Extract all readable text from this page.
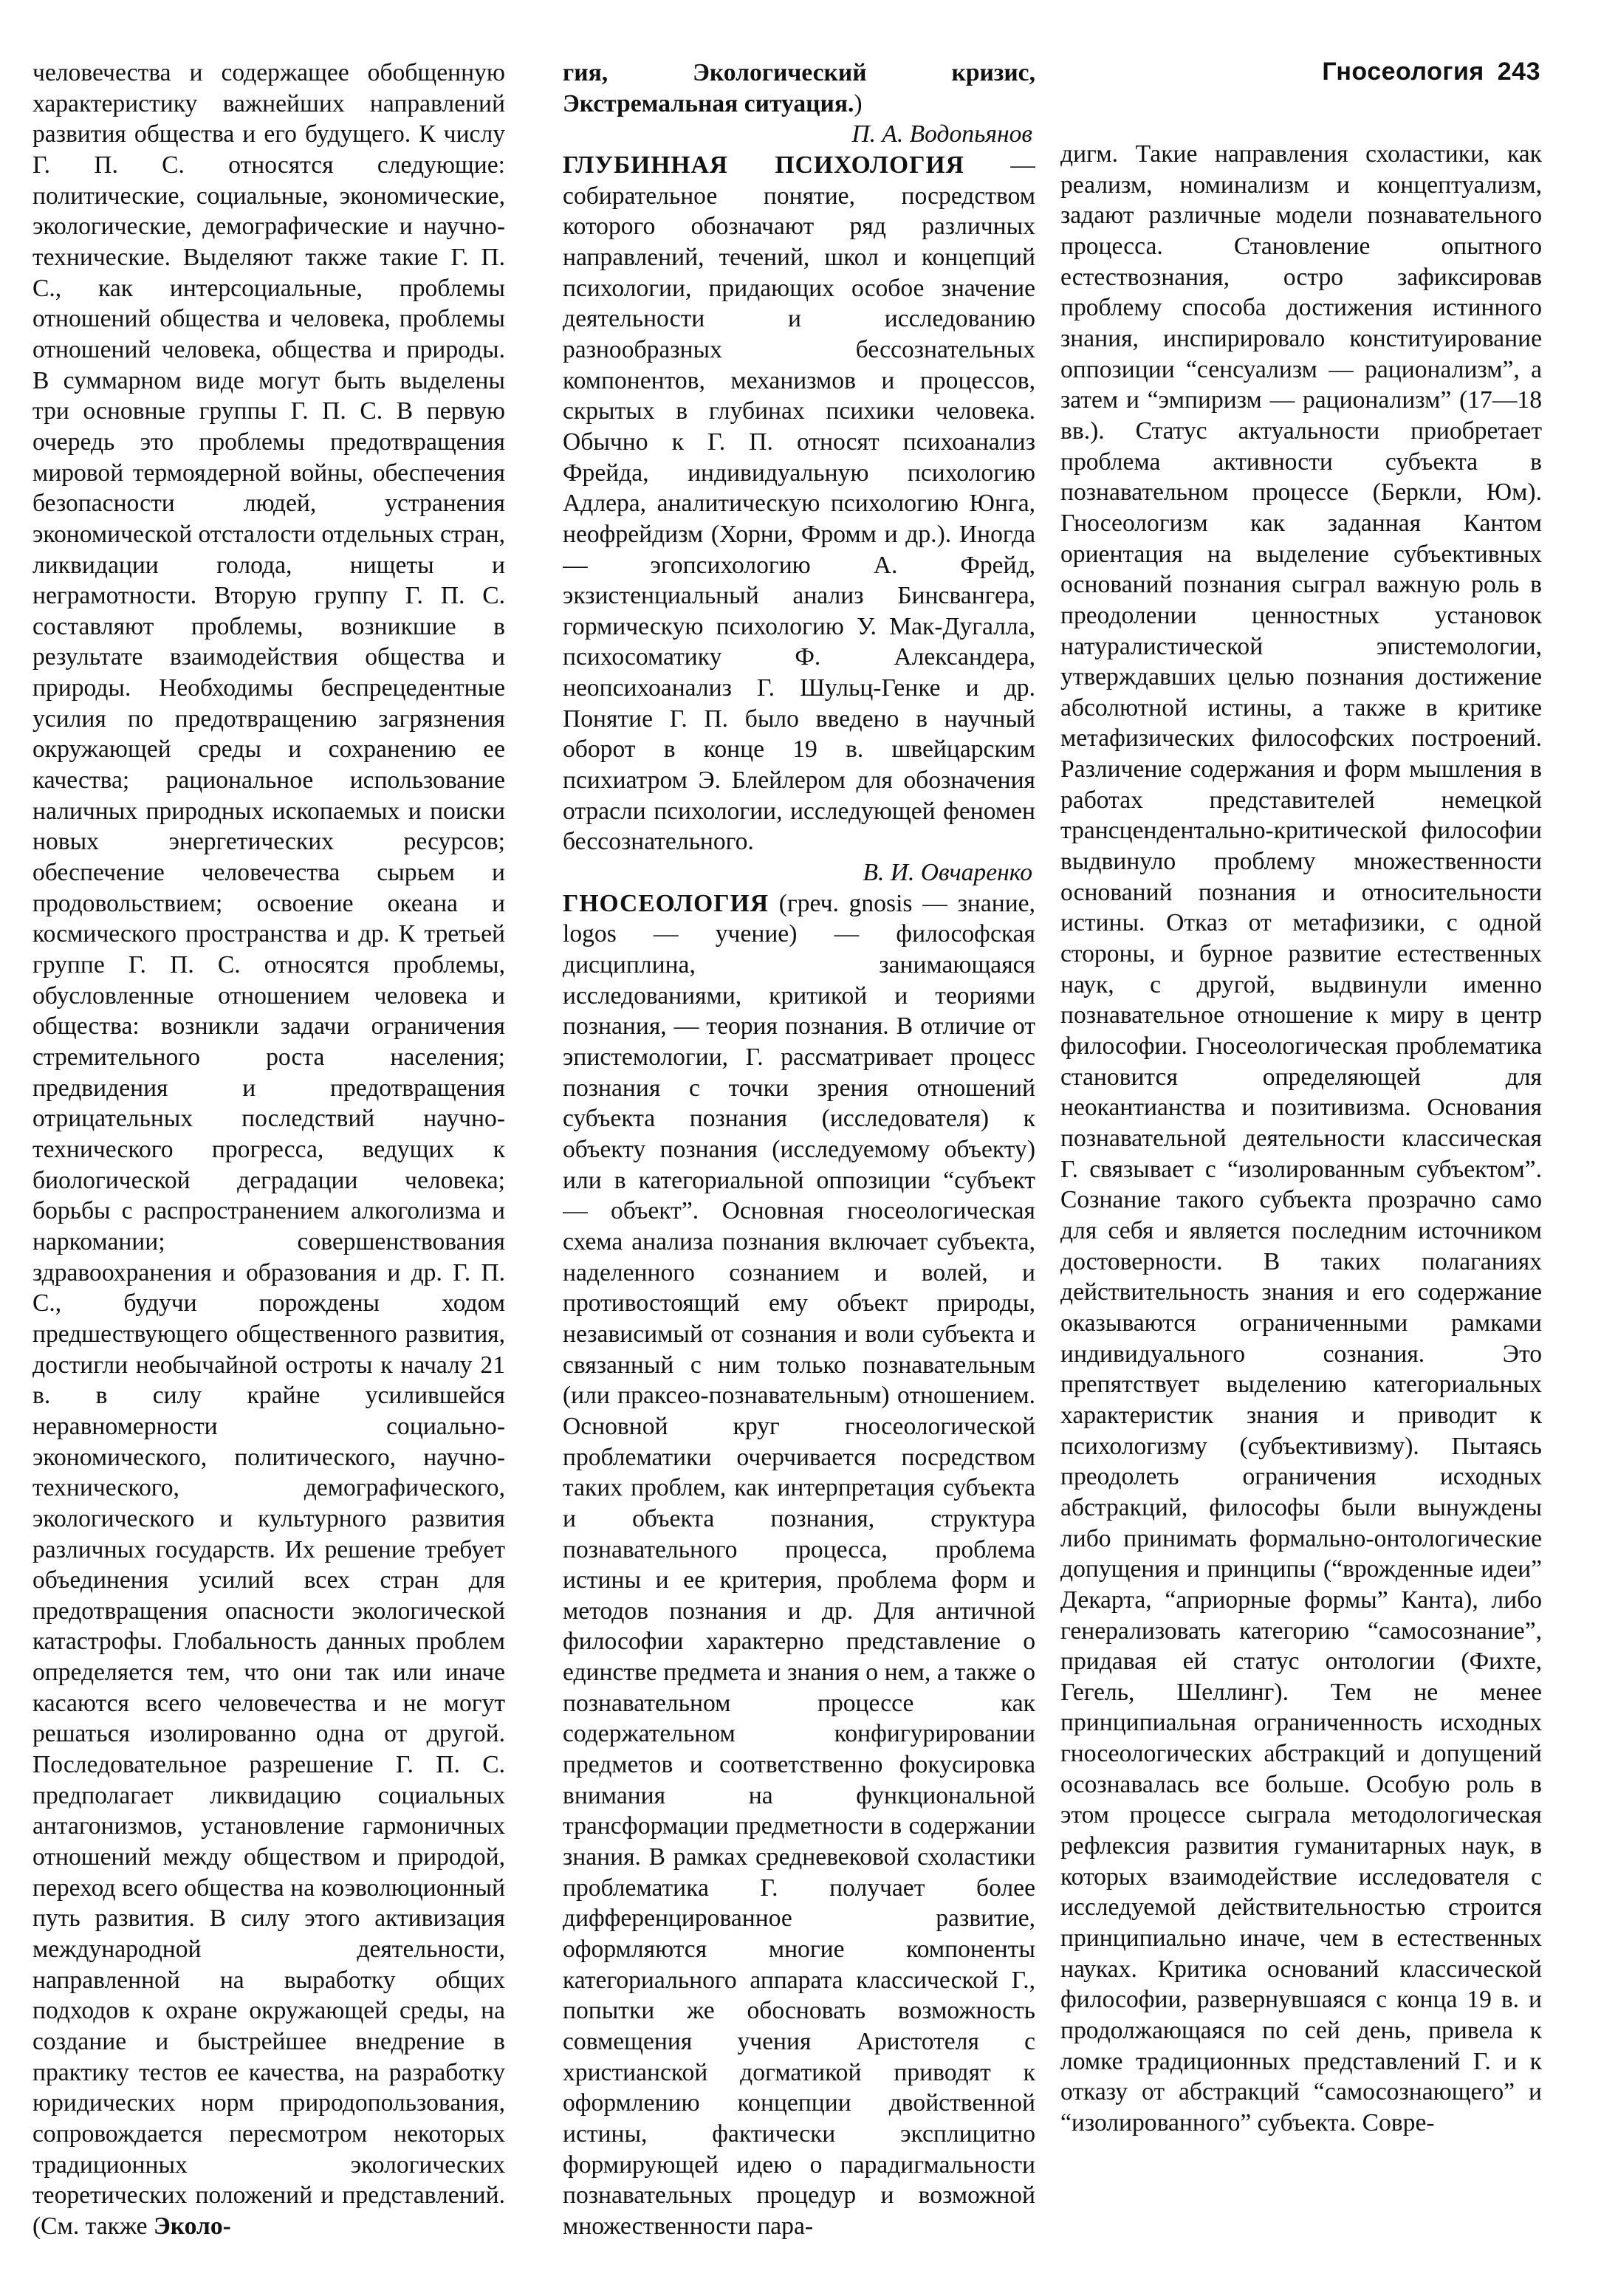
Гносеология 243

человечества и содержащее обобщенную характеристику важнейших направлений развития общества и его будущего. К числу Г. П. С. относятся следующие: политические, социальные, экономические, экологические, демографические и научно-технические. Выделяют также такие Г. П. С., как интерсоциальные, проблемы отношений общества и человека, проблемы отношений человека, общества и природы. В суммарном виде могут быть выделены три основные группы Г. П. С. В первую очередь это проблемы предотвращения мировой термоядерной войны, обеспечения безопасности людей, устранения экономической отсталости отдельных стран, ликвидации голода, нищеты и неграмотности. Вторую группу Г. П. С. составляют проблемы, возникшие в результате взаимодействия общества и природы. Необходимы беспрецедентные усилия по предотвращению загрязнения окружающей среды и сохранению ее качества; рациональное использование наличных природных ископаемых и поиски новых энергетических ресурсов; обеспечение человечества сырьем и продовольствием; освоение океана и космического пространства и др. К третьей группе Г. П. С. относятся проблемы, обусловленные отношением человека и общества: возникли задачи ограничения стремительного роста населения; предвидения и предотвращения отрицательных последствий научно-технического прогресса, ведущих к биологической деградации человека; борьбы с распространением алкоголизма и наркомании; совершенствования здравоохранения и образования и др. Г. П. С., будучи порождены ходом предшествующего общественного развития, достигли необычайной остроты к началу 21 в. в силу крайне усилившейся неравномерности социально-экономического, политического, научно-технического, демографического, экологического и культурного развития различных государств. Их решение требует объединения усилий всех стран для предотвращения опасности экологической катастрофы. Глобальность данных проблем определяется тем, что они так или иначе касаются всего человечества и не могут решаться изолированно одна от другой. Последовательное разрешение Г. П. С. предполагает ликвидацию социальных антагонизмов, установление гармоничных отношений между обществом и природой, переход всего общества на коэволюционный путь развития. В силу этого активизация международной деятельности, направленной на выработку общих подходов к охране окружающей среды, на создание и быстрейшее внедрение в практику тестов ее качества, на разработку юридических норм природопользования, сопровождается пересмотром некоторых традиционных экологических теоретических положений и представлений. (См. также Эколо-

гия, Экологический кризис, Экстремальная ситуация.)

П. А. Водопьянов

ГЛУБИННАЯ ПСИХОЛОГИЯ — собирательное понятие, посредством которого обозначают ряд различных направлений, течений, школ и концепций психологии, придающих особое значение деятельности и исследованию разнообразных бессознательных компонентов, механизмов и процессов, скрытых в глубинах психики человека. Обычно к Г. П. относят психоанализ Фрейда, индивидуальную психологию Адлера, аналитическую психологию Юнга, неофрейдизм (Хорни, Фромм и др.). Иногда — эгопсихологию А. Фрейд, экзистенциальный анализ Бинсвангера, гормическую психологию У. Мак-Дугалла, психосоматику Ф. Александера, неопсихоанализ Г. Шульц-Генке и др. Понятие Г. П. было введено в научный оборот в конце 19 в. швейцарским психиатром Э. Блейлером для обозначения отрасли психологии, исследующей феномен бессознательного.

В. И. Овчаренко

ГНОСЕОЛОГИЯ (греч. gnosis — знание, logos — учение) — философская дисциплина, занимающаяся исследованиями, критикой и теориями познания, — теория познания. В отличие от эпистемологии, Г. рассматривает процесс познания с точки зрения отношений субъекта познания (исследователя) к объекту познания (исследуемому объекту) или в категориальной оппозиции “субъект — объект”. Основная гносеологическая схема анализа познания включает субъекта, наделенного сознанием и волей, и противостоящий ему объект природы, независимый от сознания и воли субъекта и связанный с ним только познавательным (или праксео-познавательным) отношением. Основной круг гносеологической проблематики очерчивается посредством таких проблем, как интерпретация субъекта и объекта познания, структура познавательного процесса, проблема истины и ее критерия, проблема форм и методов познания и др. Для античной философии характерно представление о единстве предмета и знания о нем, а также о познавательном процессе как содержательном конфигурировании предметов и соответственно фокусировка внимания на функциональной трансформации предметности в содержании знания. В рамках средневековой схоластики проблематика Г. получает более дифференцированное развитие, оформляются многие компоненты категориального аппарата классической Г., попытки же обосновать возможность совмещения учения Аристотеля с христианской догматикой приводят к оформлению концепции двойственной истины, фактически эксплицитно формирующей идею о парадигмальности познавательных процедур и возможной множественности пара-

дигм. Такие направления схоластики, как реализм, номинализм и концептуализм, задают различные модели познавательного процесса. Становление опытного естествознания, остро зафиксировав проблему способа достижения истинного знания, инспирировало конституирование оппозиции “сенсуализм — рационализм”, а затем и “эмпиризм — рационализм” (17—18 вв.). Статус актуальности приобретает проблема активности субъекта в познавательном процессе (Беркли, Юм). Гносеологизм как заданная Кантом ориентация на выделение субъективных оснований познания сыграл важную роль в преодолении ценностных установок натуралистической эпистемологии, утверждавших целью познания достижение абсолютной истины, а также в критике метафизических философских построений. Различение содержания и форм мышления в работах представителей немецкой трансцендентально-критической философии выдвинуло проблему множественности оснований познания и относительности истины. Отказ от метафизики, с одной стороны, и бурное развитие естественных наук, с другой, выдвинули именно познавательное отношение к миру в центр философии. Гносеологическая проблематика становится определяющей для неокантианства и позитивизма. Основания познавательной деятельности классическая Г. связывает с “изолированным субъектом”. Сознание такого субъекта прозрачно само для себя и является последним источником достоверности. В таких полаганиях действительность знания и его содержание оказываются ограниченными рамками индивидуального сознания. Это препятствует выделению категориальных характеристик знания и приводит к психологизму (субъективизму). Пытаясь преодолеть ограничения исходных абстракций, философы были вынуждены либо принимать формально-онтологические допущения и принципы (“врожденные идеи” Декарта, “априорные формы” Канта), либо генерализовать категорию “самосознание”, придавая ей статус онтологии (Фихте, Гегель, Шеллинг). Тем не менее принципиальная ограниченность исходных гносеологических абстракций и допущений осознавалась все больше. Особую роль в этом процессе сыграла методологическая рефлексия развития гуманитарных наук, в которых взаимодействие исследователя с исследуемой действительностью строится принципиально иначе, чем в естественных науках. Критика оснований классической философии, развернувшаяся с конца 19 в. и продолжающаяся по сей день, привела к ломке традиционных представлений Г. и к отказу от абстракций “самосознающего” и “изолированного” субъекта. Совре-
